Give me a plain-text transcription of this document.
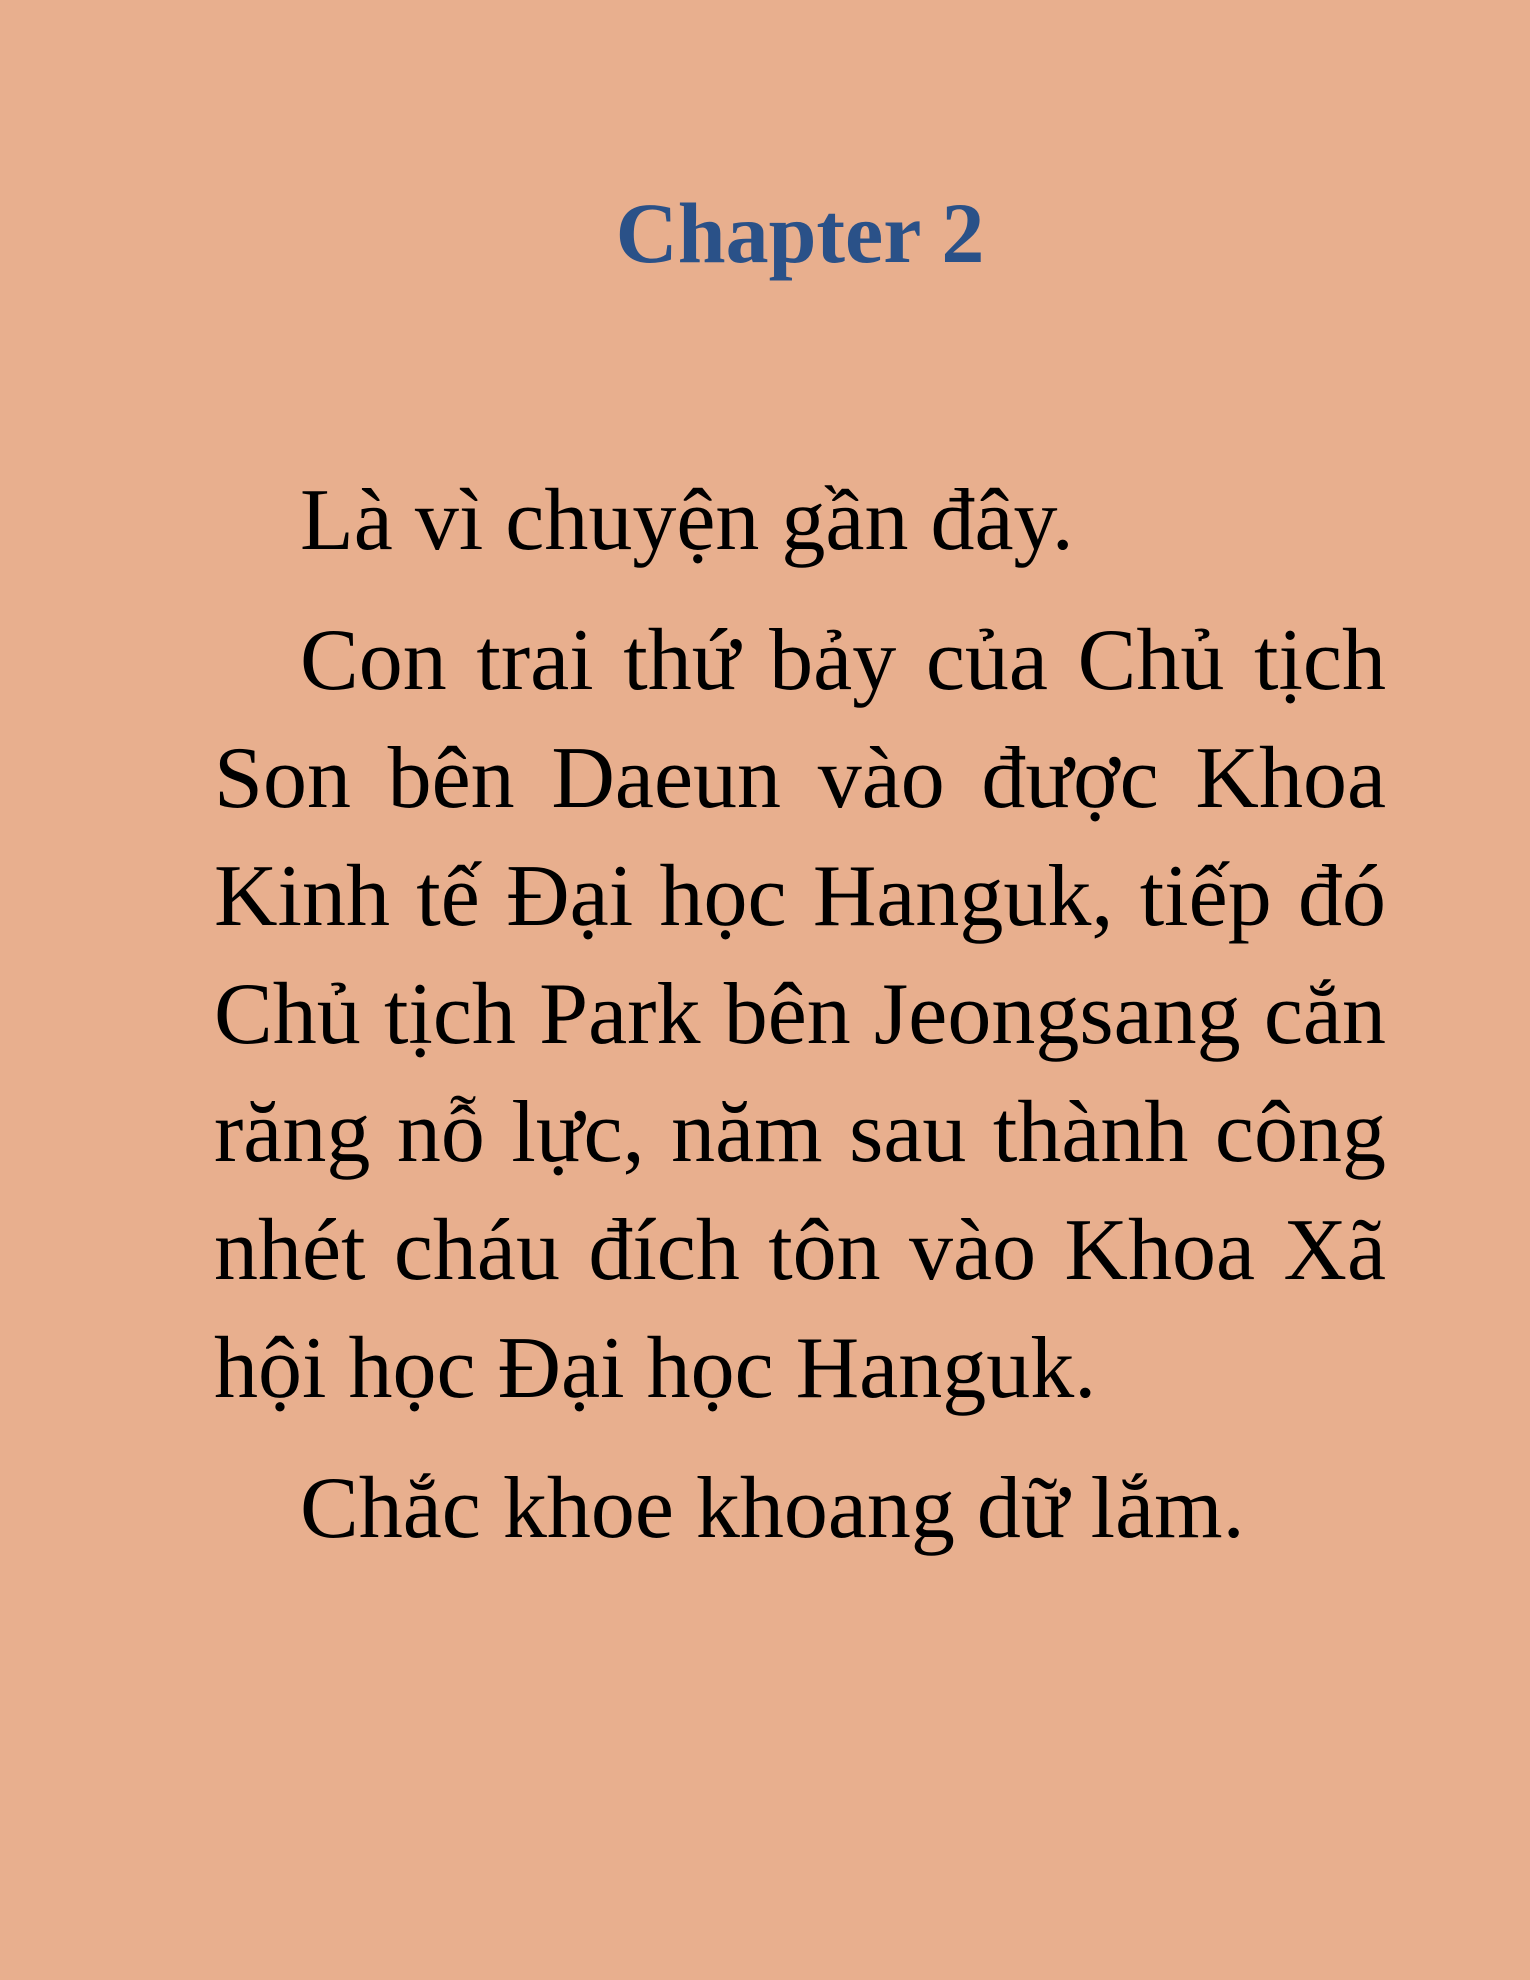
Chapter 2

Là vì chuyện gần đây.

Con trai thứ bảy của Chủ tịch Son bên Daeun vào được Khoa Kinh tế Đại học Hanguk, tiếp đó Chủ tịch Park bên Jeongsang cắn răng nỗ lực, năm sau thành công nhét cháu đích tôn vào Khoa Xã hội học Đại học Hanguk.

Chắc khoe khoang dữ lắm.
